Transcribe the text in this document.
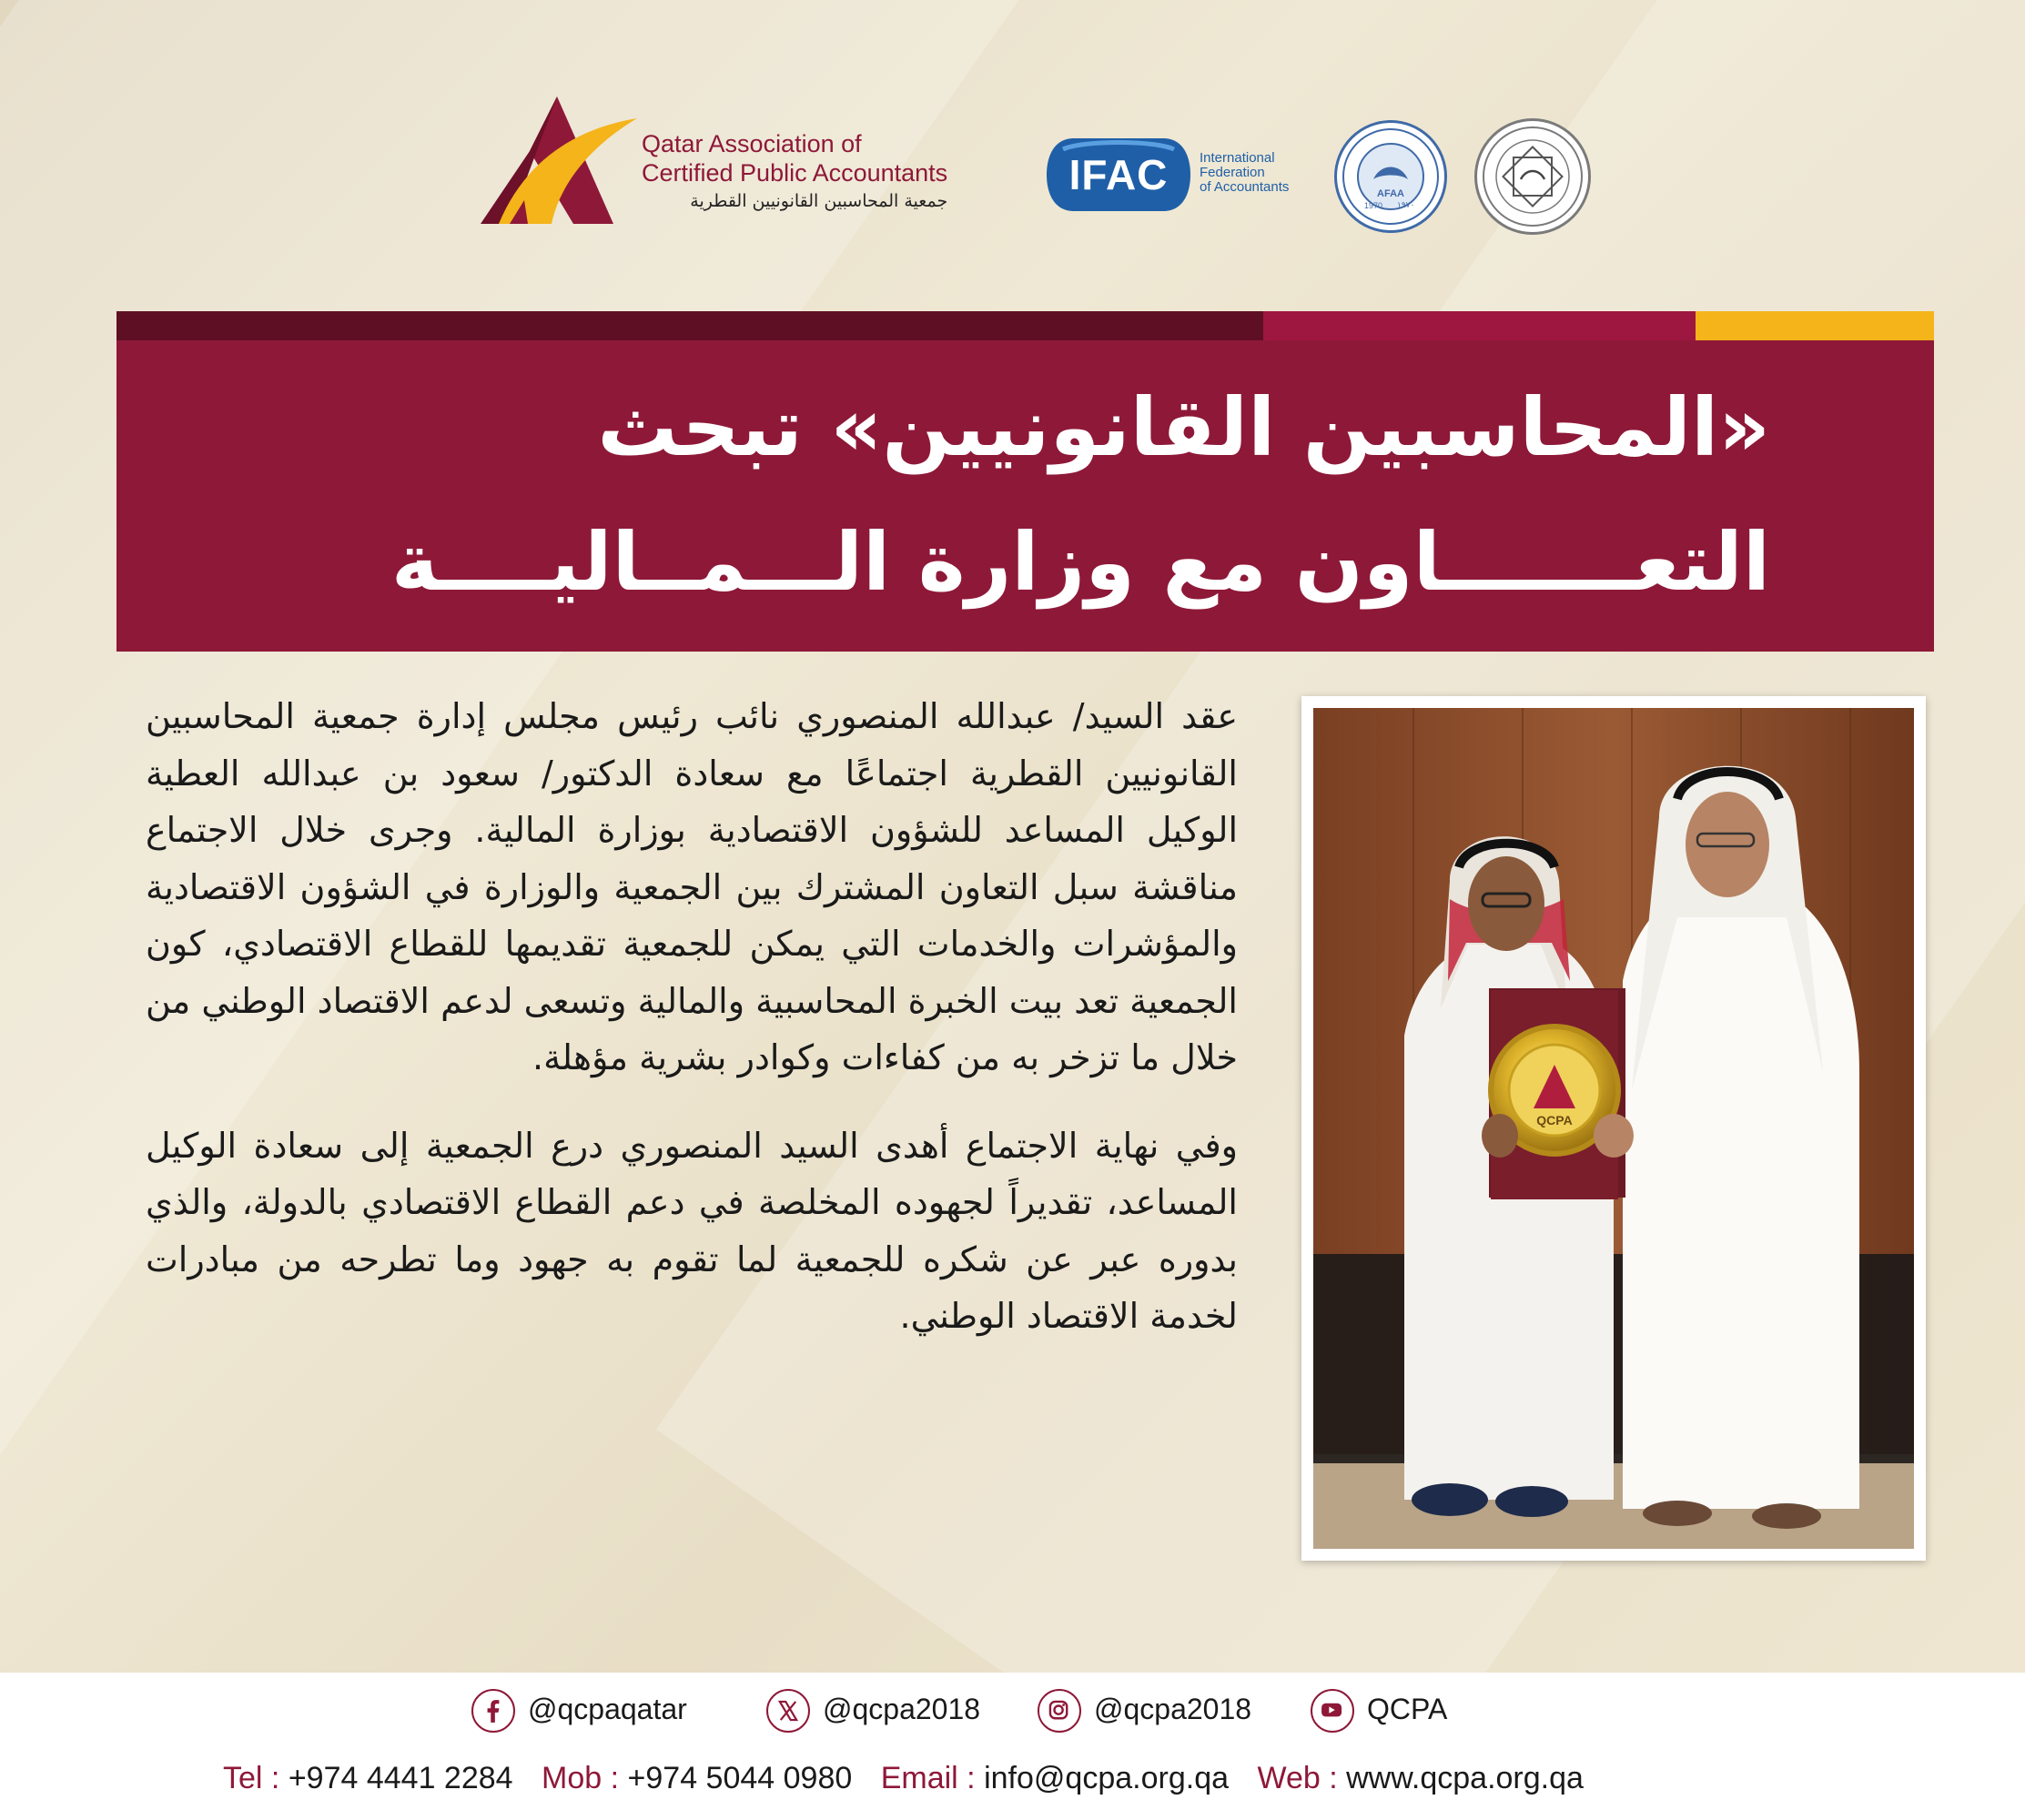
Qatar Association of
Certified Public Accountants
جمعية المحاسبين القانونيين القطرية
IFAC	International
Federation
of Accountants	AFAA
1970 ١٩٧٠
«المحاسبين القانونيين» تبحث
التعـــــــاون مع وزارة الـــمــاليــــة

عقد السيد/ عبدالله المنصوري نائب رئيس مجلس إدارة جمعية المحاسبين القانونيين القطرية اجتماعًا مع سعادة الدكتور/ سعود بن عبدالله العطية الوكيل المساعد للشؤون الاقتصادية بوزارة المالية. وجرى خلال الاجتماع مناقشة سبل التعاون المشترك بين الجمعية والوزارة في الشؤون الاقتصادية والمؤشرات والخدمات التي يمكن للجمعية تقديمها للقطاع الاقتصادي، كون الجمعية تعد بيت الخبرة المحاسبية والمالية وتسعى لدعم الاقتصاد الوطني من خلال ما تزخر به من كفاءات وكوادر بشرية مؤهلة.

وفي نهاية الاجتماع أهدى السيد المنصوري درع الجمعية إلى سعادة الوكيل المساعد، تقديراً لجهوده المخلصة في دعم القطاع الاقتصادي بالدولة، والذي بدوره عبر عن شكره للجمعية لما تقوم به جهود وما تطرحه من مبادرات لخدمة الاقتصاد الوطني.

QCPA
@qcpaqatar	@qcpa2018	@qcpa2018	QCPA
Tel : +974 4441 2284 Mob : +974 5044 0980 Email : info@qcpa.org.qa Web : www.qcpa.org.qa
